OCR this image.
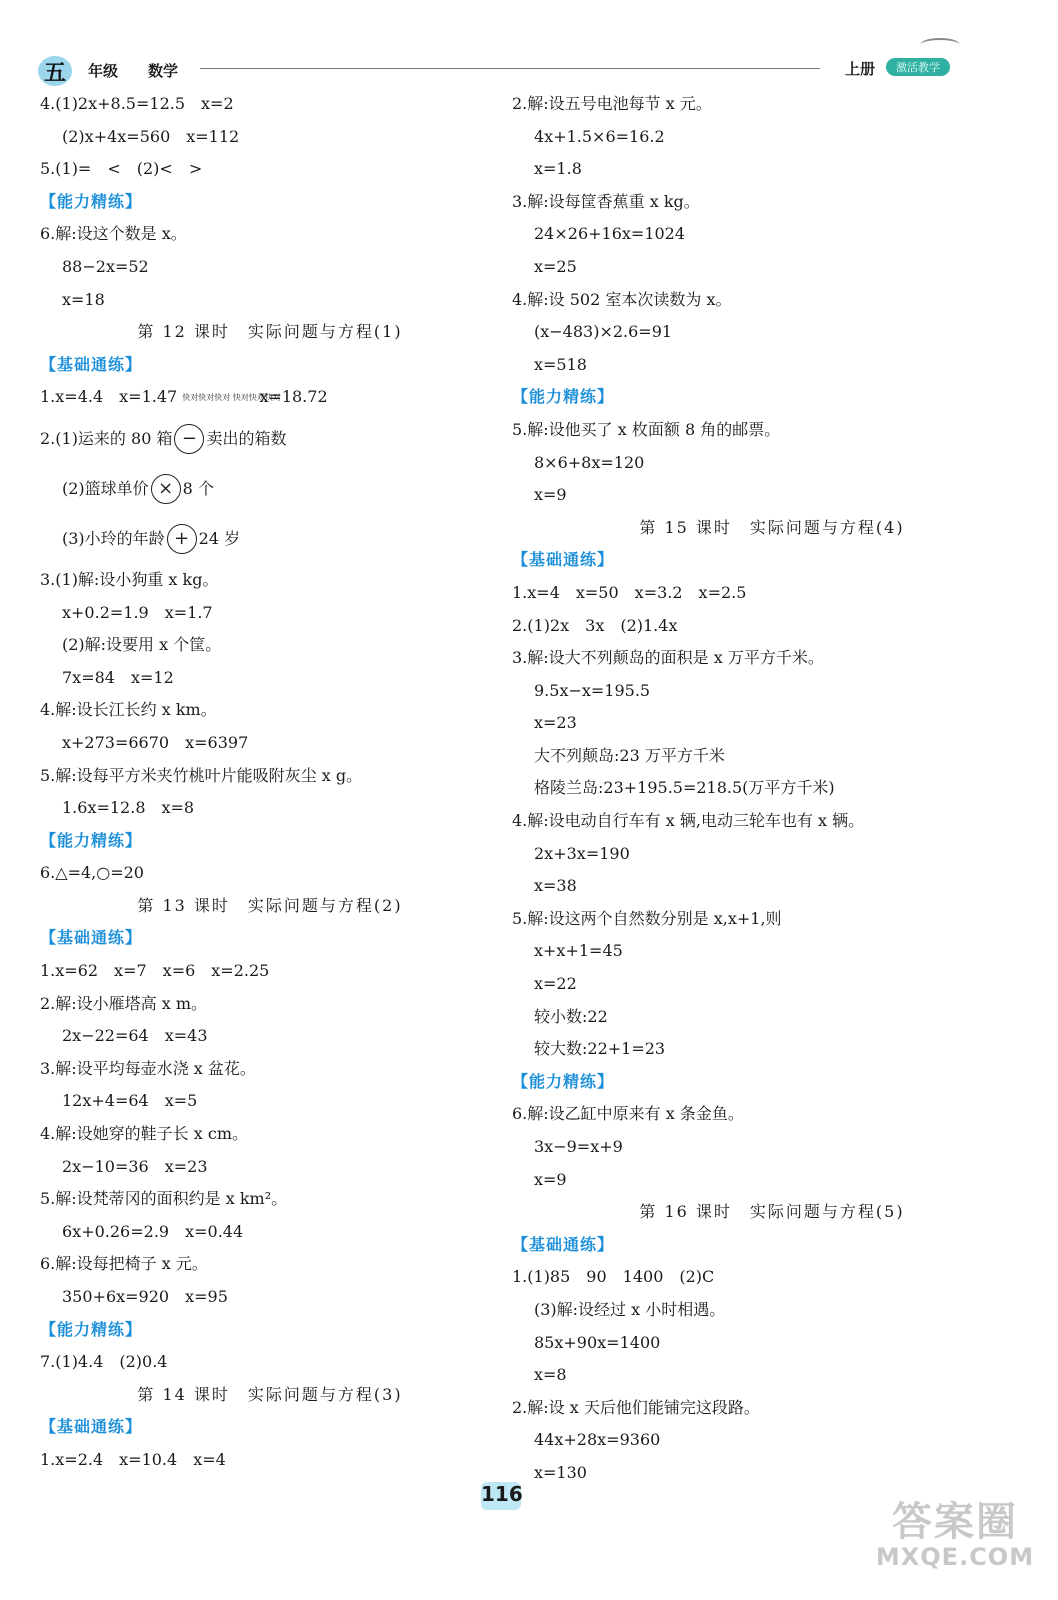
五	年级 数学	上册	激活教学
4.(1)2x+8.5=12.5　x=2
(2)x+4x=560　x=112
5.(1)=　<　(2)<　>
【能力精练】
6.解:设这个数是 x。
88−2x=52
x=18
第 12 课时　实际问题与方程(1)
【基础通练】
1.x=4.4　x=1.47 快对快对快对 快对快对快对 x=18.72
2.(1)运来的 80 箱 − 卖出的箱数
(2)篮球单价 × 8 个
(3)小玲的年龄 + 24 岁
3.(1)解:设小狗重 x kg。
x+0.2=1.9　x=1.7
(2)解:设要用 x 个筐。
7x=84　x=12
4.解:设长江长约 x km。
x+273=6670　x=6397
5.解:设每平方米夹竹桃叶片能吸附灰尘 x g。
1.6x=12.8　x=8
【能力精练】
6.△=4,○=20
第 13 课时　实际问题与方程(2)
【基础通练】
1.x=62　x=7　x=6　x=2.25
2.解:设小雁塔高 x m。
2x−22=64　x=43
3.解:设平均每壶水浇 x 盆花。
12x+4=64　x=5
4.解:设她穿的鞋子长 x cm。
2x−10=36　x=23
5.解:设梵蒂冈的面积约是 x km²。
6x+0.26=2.9　x=0.44
6.解:设每把椅子 x 元。
350+6x=920　x=95
【能力精练】
7.(1)4.4　(2)0.4
第 14 课时　实际问题与方程(3)
【基础通练】
1.x=2.4　x=10.4　x=4
2.解:设五号电池每节 x 元。
4x+1.5×6=16.2
x=1.8
3.解:设每筐香蕉重 x kg。
24×26+16x=1024
x=25
4.解:设 502 室本次读数为 x。
(x−483)×2.6=91
x=518
【能力精练】
5.解:设他买了 x 枚面额 8 角的邮票。
8×6+8x=120
x=9
第 15 课时　实际问题与方程(4)
【基础通练】
1.x=4　x=50　x=3.2　x=2.5
2.(1)2x　3x　(2)1.4x
3.解:设大不列颠岛的面积是 x 万平方千米。
9.5x−x=195.5
x=23
大不列颠岛:23 万平方千米
格陵兰岛:23+195.5=218.5(万平方千米)
4.解:设电动自行车有 x 辆,电动三轮车也有 x 辆。
2x+3x=190
x=38
5.解:设这两个自然数分别是 x,x+1,则
x+x+1=45
x=22
较小数:22
较大数:22+1=23
【能力精练】
6.解:设乙缸中原来有 x 条金鱼。
3x−9=x+9
x=9
第 16 课时　实际问题与方程(5)
【基础通练】
1.(1)85　90　1400　(2)C
(3)解:设经过 x 小时相遇。
85x+90x=1400
x=8
2.解:设 x 天后他们能铺完这段路。
44x+28x=9360
x=130
116
答案圈
MXQE.COM
